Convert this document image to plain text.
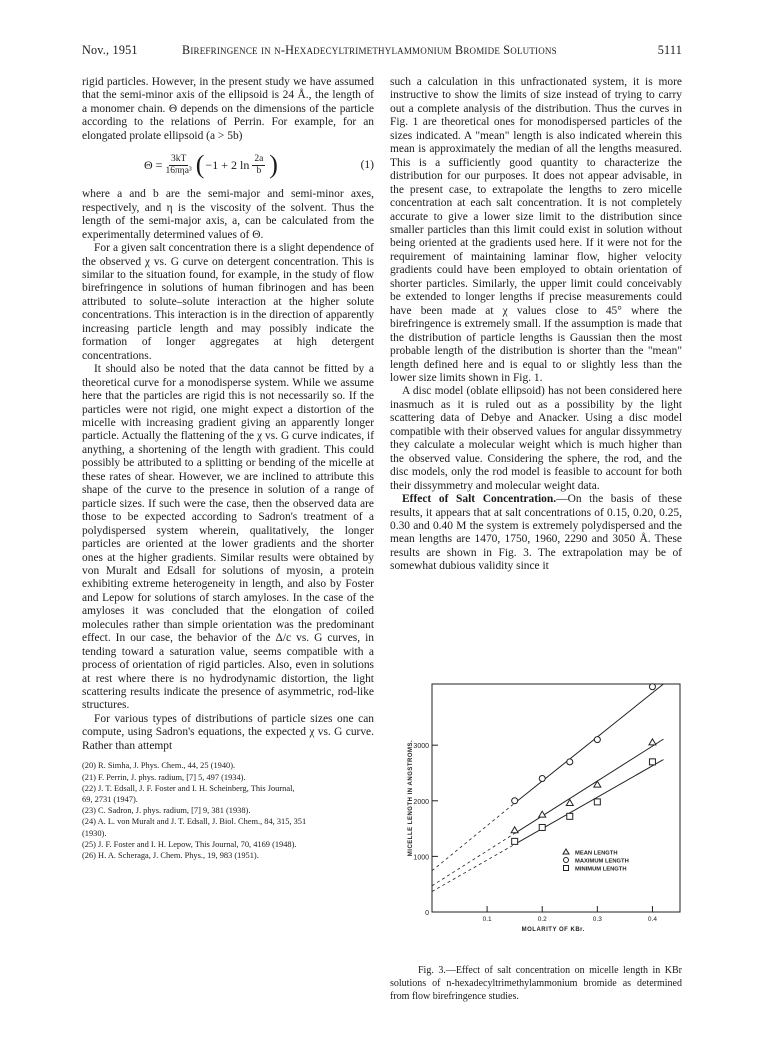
Nov., 1951	Birefringence in n-Hexadecyltrimethylammonium Bromide Solutions	5111

rigid particles. However, in the present study we have assumed that the semi-minor axis of the ellipsoid is 24 Å., the length of a monomer chain. Θ depends on the dimensions of the particle according to the relations of Perrin. For example, for an elongated prolate ellipsoid (a > 5b)

$\Theta = \frac{3kT}{\text{16πηa³}}$ ( −1 + 2 $\ln \frac{2a}{b}$ )	(1)

where a and b are the semi-major and semi-minor axes, respectively, and η is the viscosity of the solvent. Thus the length of the semi-major axis, a, can be calculated from the experimentally determined values of Θ.

For a given salt concentration there is a slight dependence of the observed χ vs. G curve on detergent concentration. This is similar to the situation found, for example, in the study of flow birefringence in solutions of human fibrinogen and has been attributed to solute–solute interaction at the higher solute concentrations. This interaction is in the direction of apparently increasing particle length and may possibly indicate the formation of longer aggregates at high detergent concentrations.

It should also be noted that the data cannot be fitted by a theoretical curve for a monodisperse system. While we assume here that the particles are rigid this is not necessarily so. If the particles were not rigid, one might expect a distortion of the micelle with increasing gradient giving an apparently longer particle. Actually the flattening of the χ vs. G curve indicates, if anything, a shortening of the length with gradient. This could possibly be attributed to a splitting or bending of the micelle at these rates of shear. However, we are inclined to attribute this shape of the curve to the presence in solution of a range of particle sizes. If such were the case, then the observed data are those to be expected according to Sadron's treatment of a polydispersed system wherein, qualitatively, the longer particles are oriented at the lower gradients and the shorter ones at the higher gradients. Similar results were obtained by von Muralt and Edsall for solutions of myosin, a protein exhibiting extreme heterogeneity in length, and also by Foster and Lepow for solutions of starch amyloses. In the case of the amyloses it was concluded that the elongation of coiled molecules rather than simple orientation was the predominant effect. In our case, the behavior of the Δ/c vs. G curves, in tending toward a saturation value, seems compatible with a process of orientation of rigid particles. Also, even in solutions at rest where there is no hydrodynamic distortion, the light scattering results indicate the presence of asymmetric, rod-like structures.

For various types of distributions of particle sizes one can compute, using Sadron's equations, the expected χ vs. G curve. Rather than attempt

(20) R. Simha, J. Phys. Chem., 44, 25 (1940).
(21) F. Perrin, J. phys. radium, [7] 5, 497 (1934).
(22) J. T. Edsall, J. F. Foster and I. H. Scheinberg, This Journal,
69, 2731 (1947).
(23) C. Sadron, J. phys. radium, [7] 9, 381 (1938).
(24) A. L. von Muralt and J. T. Edsall, J. Biol. Chem., 84, 315, 351
(1930).
(25) J. F. Foster and I. H. Lepow, This Journal, 70, 4169 (1948).
(26) H. A. Scheraga, J. Chem. Phys., 19, 983 (1951).

such a calculation in this unfractionated system, it is more instructive to show the limits of size instead of trying to carry out a complete analysis of the distribution. Thus the curves in Fig. 1 are theoretical ones for monodispersed particles of the sizes indicated. A "mean" length is also indicated wherein this mean is approximately the median of all the lengths measured. This is a sufficiently good quantity to characterize the distribution for our purposes. It does not appear advisable, in the present case, to extrapolate the lengths to zero micelle concentration at each salt concentration. It is not completely accurate to give a lower size limit to the distribution since smaller particles than this limit could exist in solution without being oriented at the gradients used here. If it were not for the requirement of maintaining laminar flow, higher velocity gradients could have been employed to obtain orientation of shorter particles. Similarly, the upper limit could conceivably be extended to longer lengths if precise measurements could have been made at χ values close to 45° where the birefringence is extremely small. If the assumption is made that the distribution of particle lengths is Gaussian then the most probable length of the distribution is shorter than the "mean" length defined here and is equal to or slightly less than the lower size limits shown in Fig. 1.

A disc model (oblate ellipsoid) has not been considered here inasmuch as it is ruled out as a possibility by the light scattering data of Debye and Anacker. Using a disc model compatible with their observed values for angular dissymmetry they calculate a molecular weight which is much higher than the observed value. Considering the sphere, the rod, and the disc models, only the rod model is feasible to account for both their dissymmetry and molecular weight data.

Effect of Salt Concentration.—On the basis of these results, it appears that at salt concentrations of 0.15, 0.20, 0.25, 0.30 and 0.40 M the system is extremely polydispersed and the mean lengths are 1470, 1750, 1960, 2290 and 3050 Å. These results are shown in Fig. 3. The extrapolation may be of somewhat dubious validity since it

0
1000
2000
3000
0.1	0.2	0.3	0.4
MOLARITY OF KBr.
MICELLE LENGTH IN ANGSTROMS.	MEAN LENGTH
MAXIMUM LENGTH
MINIMUM LENGTH
Fig. 3.—Effect of salt concentration on micelle length in KBr solutions of n-hexadecyltrimethylammonium bromide as determined from flow birefringence studies.
